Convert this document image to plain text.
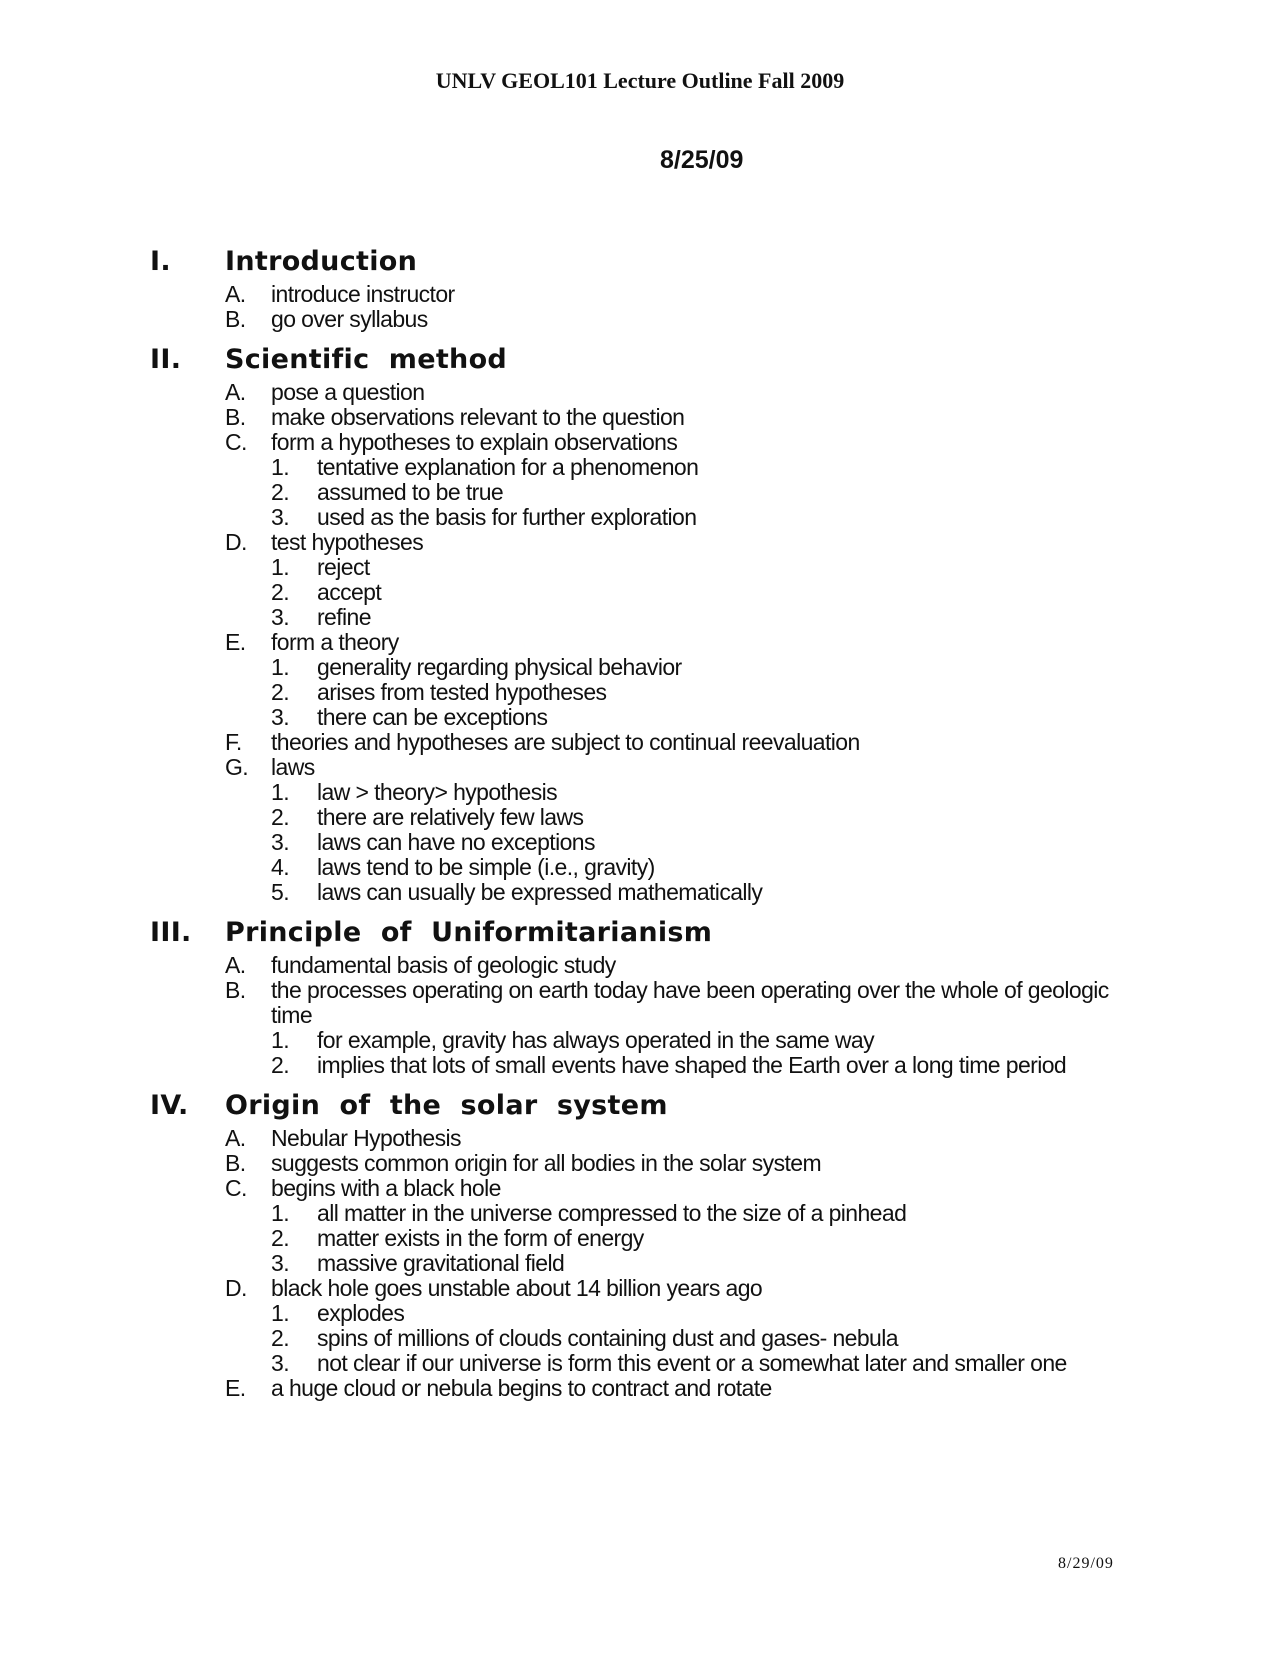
UNLV GEOL101 Lecture Outline Fall 2009
8/25/09
I.	Introduction
A.	introduce instructor
B.	go over syllabus
II.	Scientific  method
A.	pose a question
B.	make observations relevant to the question
C.	form a hypotheses to explain observations
1.	tentative explanation for a phenomenon
2.	assumed to be true
3.	used as the basis for further exploration
D.	test hypotheses
1.	reject
2.	accept
3.	refine
E.	form a theory
1.	generality regarding physical behavior
2.	arises from tested hypotheses
3.	there can be exceptions
F.	theories and hypotheses are subject to continual reevaluation
G. laws
1.	law > theory> hypothesis
2.	there are relatively few laws
3.	laws can have no exceptions
4.	laws tend to be simple (i.e., gravity)
5.	laws can usually be expressed mathematically
III.	Principle  of  Uniformitarianism
A.	fundamental basis of geologic study
B.	the processes operating on earth today have been operating over the whole of geologic time
1.	for example, gravity has always operated in the same way
2.	implies that lots of small events have shaped the Earth over a long time period
IV.	Origin  of  the  solar  system
A.	Nebular Hypothesis
B.	suggests common origin for all bodies in the solar system
C.	begins with a black hole
1.	all matter in the universe compressed to the size of a pinhead
2.	matter exists in the form of energy
3.	massive gravitational field
D.	black hole goes unstable about 14 billion years ago
1.	explodes
2.	spins of millions of clouds containing dust and gases- nebula
3.	not clear if our universe is form this event or a somewhat later and smaller one
E.	a huge cloud or nebula begins to contract and rotate
8/29/09
